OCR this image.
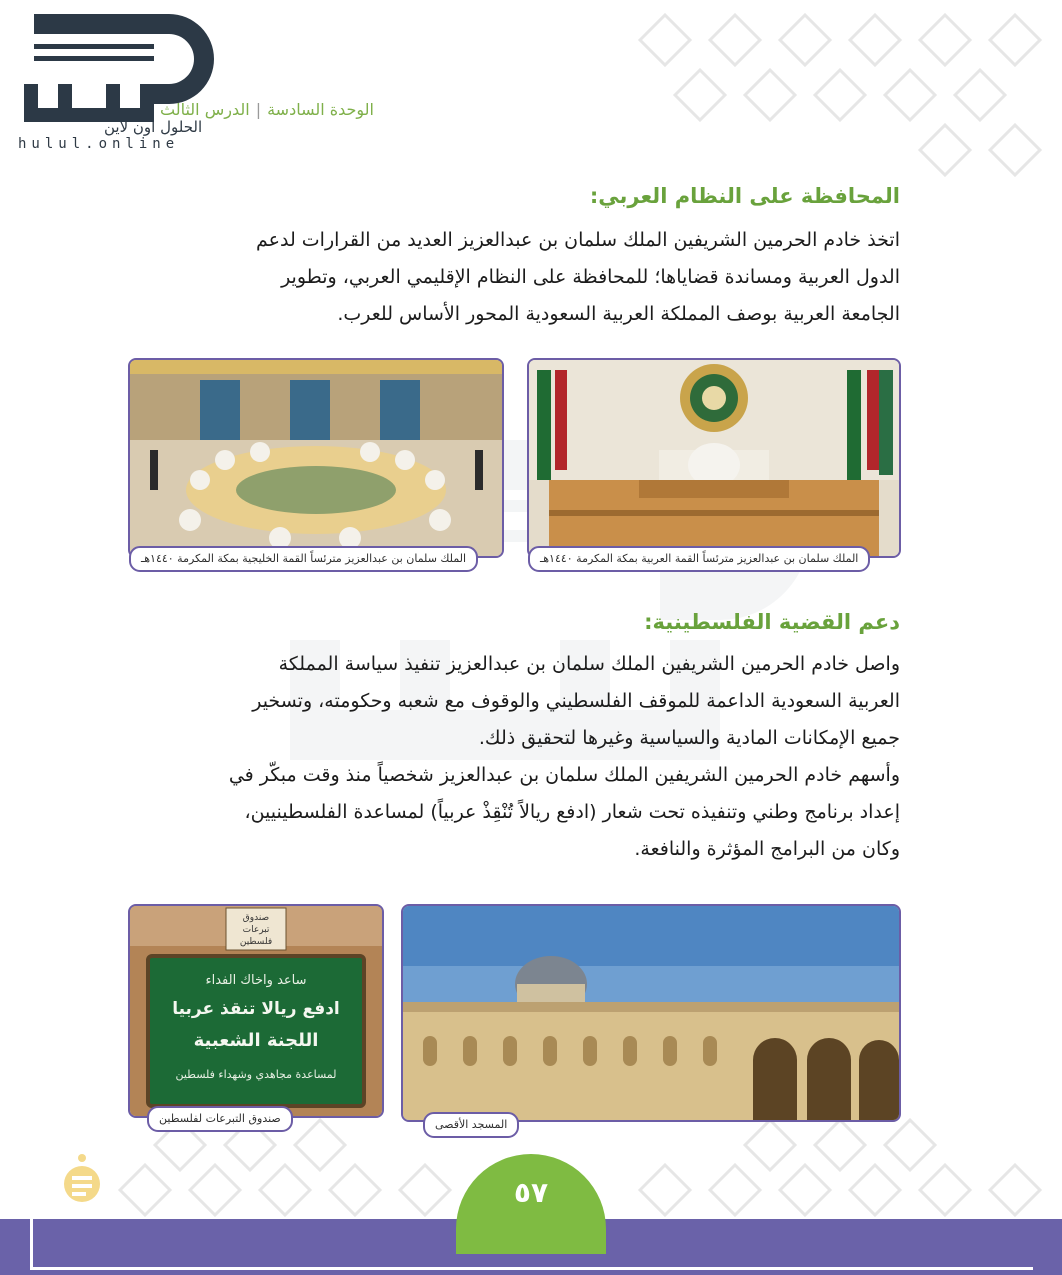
الحلول اون لاين
hulul.online
الوحدة السادسة|الدرس الثالث
المحافظة على النظام العربي:
اتخذ خادم الحرمين الشريفين الملك سلمان بن عبدالعزيز العديد من القرارات لدعم
الدول العربية ومساندة قضاياها؛ للمحافظة على النظام الإقليمي العربي، وتطوير
الجامعة العربية بوصف المملكة العربية السعودية المحور الأساس للعرب.
الملك سلمان بن عبدالعزيز مترئساً القمة العربية بمكة المكرمة ١٤٤٠هـ
الملك سلمان بن عبدالعزيز مترئساً القمة الخليجية بمكة المكرمة ١٤٤٠هـ
دعم القضية الفلسطينية:
واصل خادم الحرمين الشريفين الملك سلمان بن عبدالعزيز تنفيذ سياسة المملكة
العربية السعودية الداعمة للموقف الفلسطيني والوقوف مع شعبه وحكومته، وتسخير
جميع الإمكانات المادية والسياسية وغيرها لتحقيق ذلك.
وأسهم خادم الحرمين الشريفين الملك سلمان بن عبدالعزيز شخصياً منذ وقت مبكّر في
إعداد برنامج وطني وتنفيذه تحت شعار (ادفع ريالاً تُنْقِذْ عربياً) لمساعدة الفلسطينيين،
وكان من البرامج المؤثرة والنافعة.
المسجد الأقصى
صندوق
تبرعات
فلسطين
ساعد واخاك الفداء
ادفع ريالا تنقذ عربيا
اللجنة الشعبية
لمساعدة مجاهدي وشهداء فلسطين
صندوق التبرعات لفلسطين
٥٧
